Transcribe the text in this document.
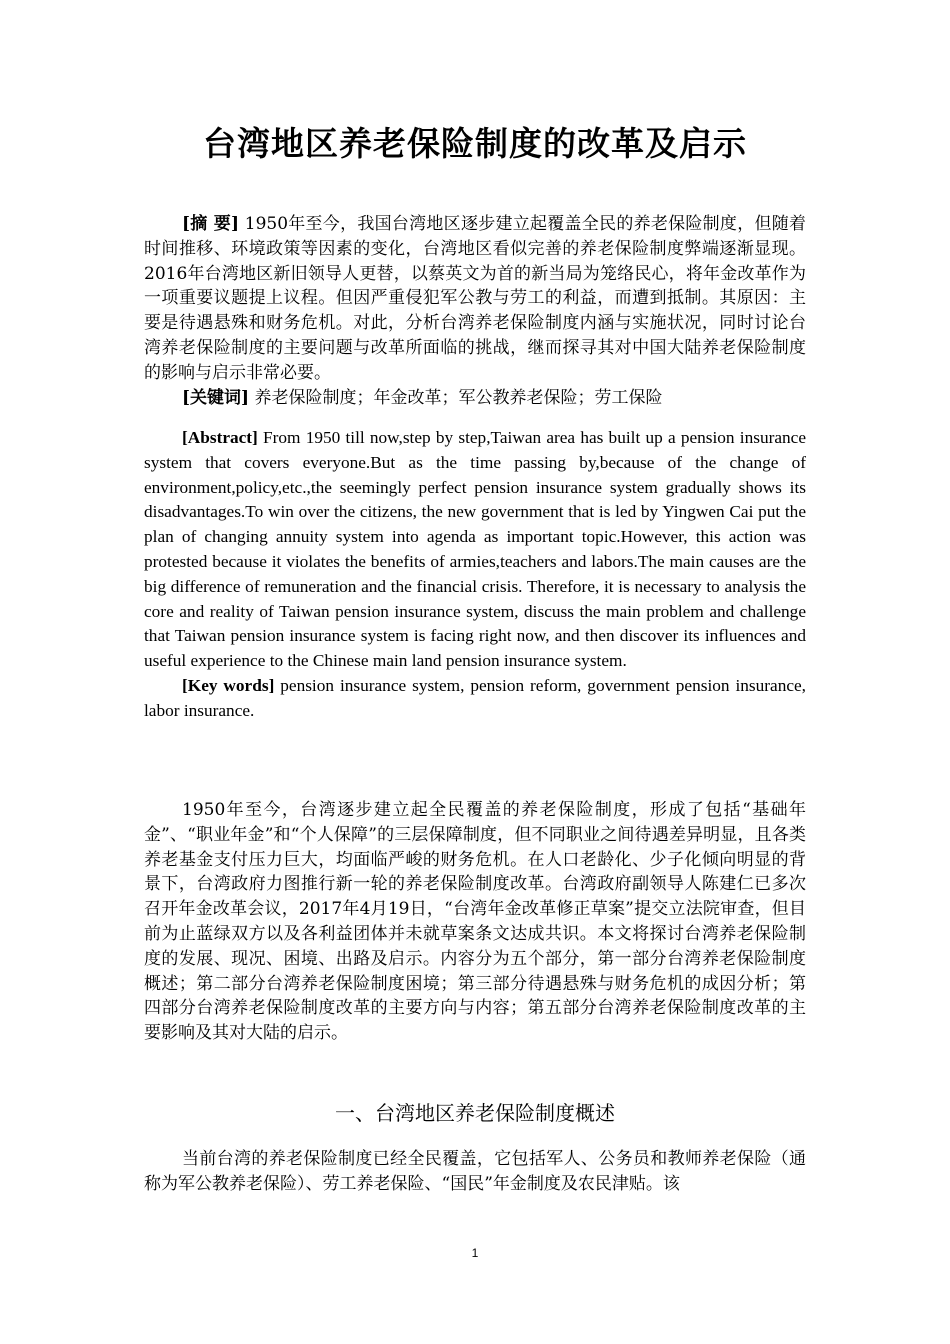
台湾地区养老保险制度的改革及启示

[摘 要] 1950年至今，我国台湾地区逐步建立起覆盖全民的养老保险制度，但随着时间推移、环境政策等因素的变化，台湾地区看似完善的养老保险制度弊端逐渐显现。2016年台湾地区新旧领导人更替，以蔡英文为首的新当局为笼络民心，将年金改革作为一项重要议题提上议程。但因严重侵犯军公教与劳工的利益，而遭到抵制。其原因：主要是待遇悬殊和财务危机。对此，分析台湾养老保险制度内涵与实施状况，同时讨论台湾养老保险制度的主要问题与改革所面临的挑战，继而探寻其对中国大陆养老保险制度的影响与启示非常必要。

[关键词] 养老保险制度；年金改革；军公教养老保险；劳工保险

[Abstract] From 1950 till now,step by step,Taiwan area has built up a pension insurance system that covers everyone.But as the time passing by,because of the change of environment,policy,etc.,the seemingly perfect pension insurance system gradually shows its disadvantages.To win over the citizens, the new government that is led by Yingwen Cai put the plan of changing annuity system into agenda as important topic.However, this action was protested because it violates the benefits of armies,teachers and labors.The main causes are the big difference of remuneration and the financial crisis. Therefore, it is necessary to analysis the core and reality of Taiwan pension insurance system, discuss the main problem and challenge that Taiwan pension insurance system is facing right now, and then discover its influences and useful experience to the Chinese main land pension insurance system.

[Key words] pension insurance system, pension reform, government pension insurance, labor insurance.

1950年至今，台湾逐步建立起全民覆盖的养老保险制度，形成了包括“基础年金”、“职业年金”和“个人保障”的三层保障制度，但不同职业之间待遇差异明显，且各类养老基金支付压力巨大，均面临严峻的财务危机。在人口老龄化、少子化倾向明显的背景下，台湾政府力图推行新一轮的养老保险制度改革。台湾政府副领导人陈建仁已多次召开年金改革会议，2017年4月19日，“台湾年金改革修正草案”提交立法院审查，但目前为止蓝绿双方以及各利益团体并未就草案条文达成共识。本文将探讨台湾养老保险制度的发展、现况、困境、出路及启示。内容分为五个部分，第一部分台湾养老保险制度概述；第二部分台湾养老保险制度困境；第三部分待遇悬殊与财务危机的成因分析；第四部分台湾养老保险制度改革的主要方向与内容；第五部分台湾养老保险制度改革的主要影响及其对大陆的启示。

一、台湾地区养老保险制度概述

当前台湾的养老保险制度已经全民覆盖，它包括军人、公务员和教师养老保险（通称为军公教养老保险）、劳工养老保险、“国民”年金制度及农民津贴。该

1
